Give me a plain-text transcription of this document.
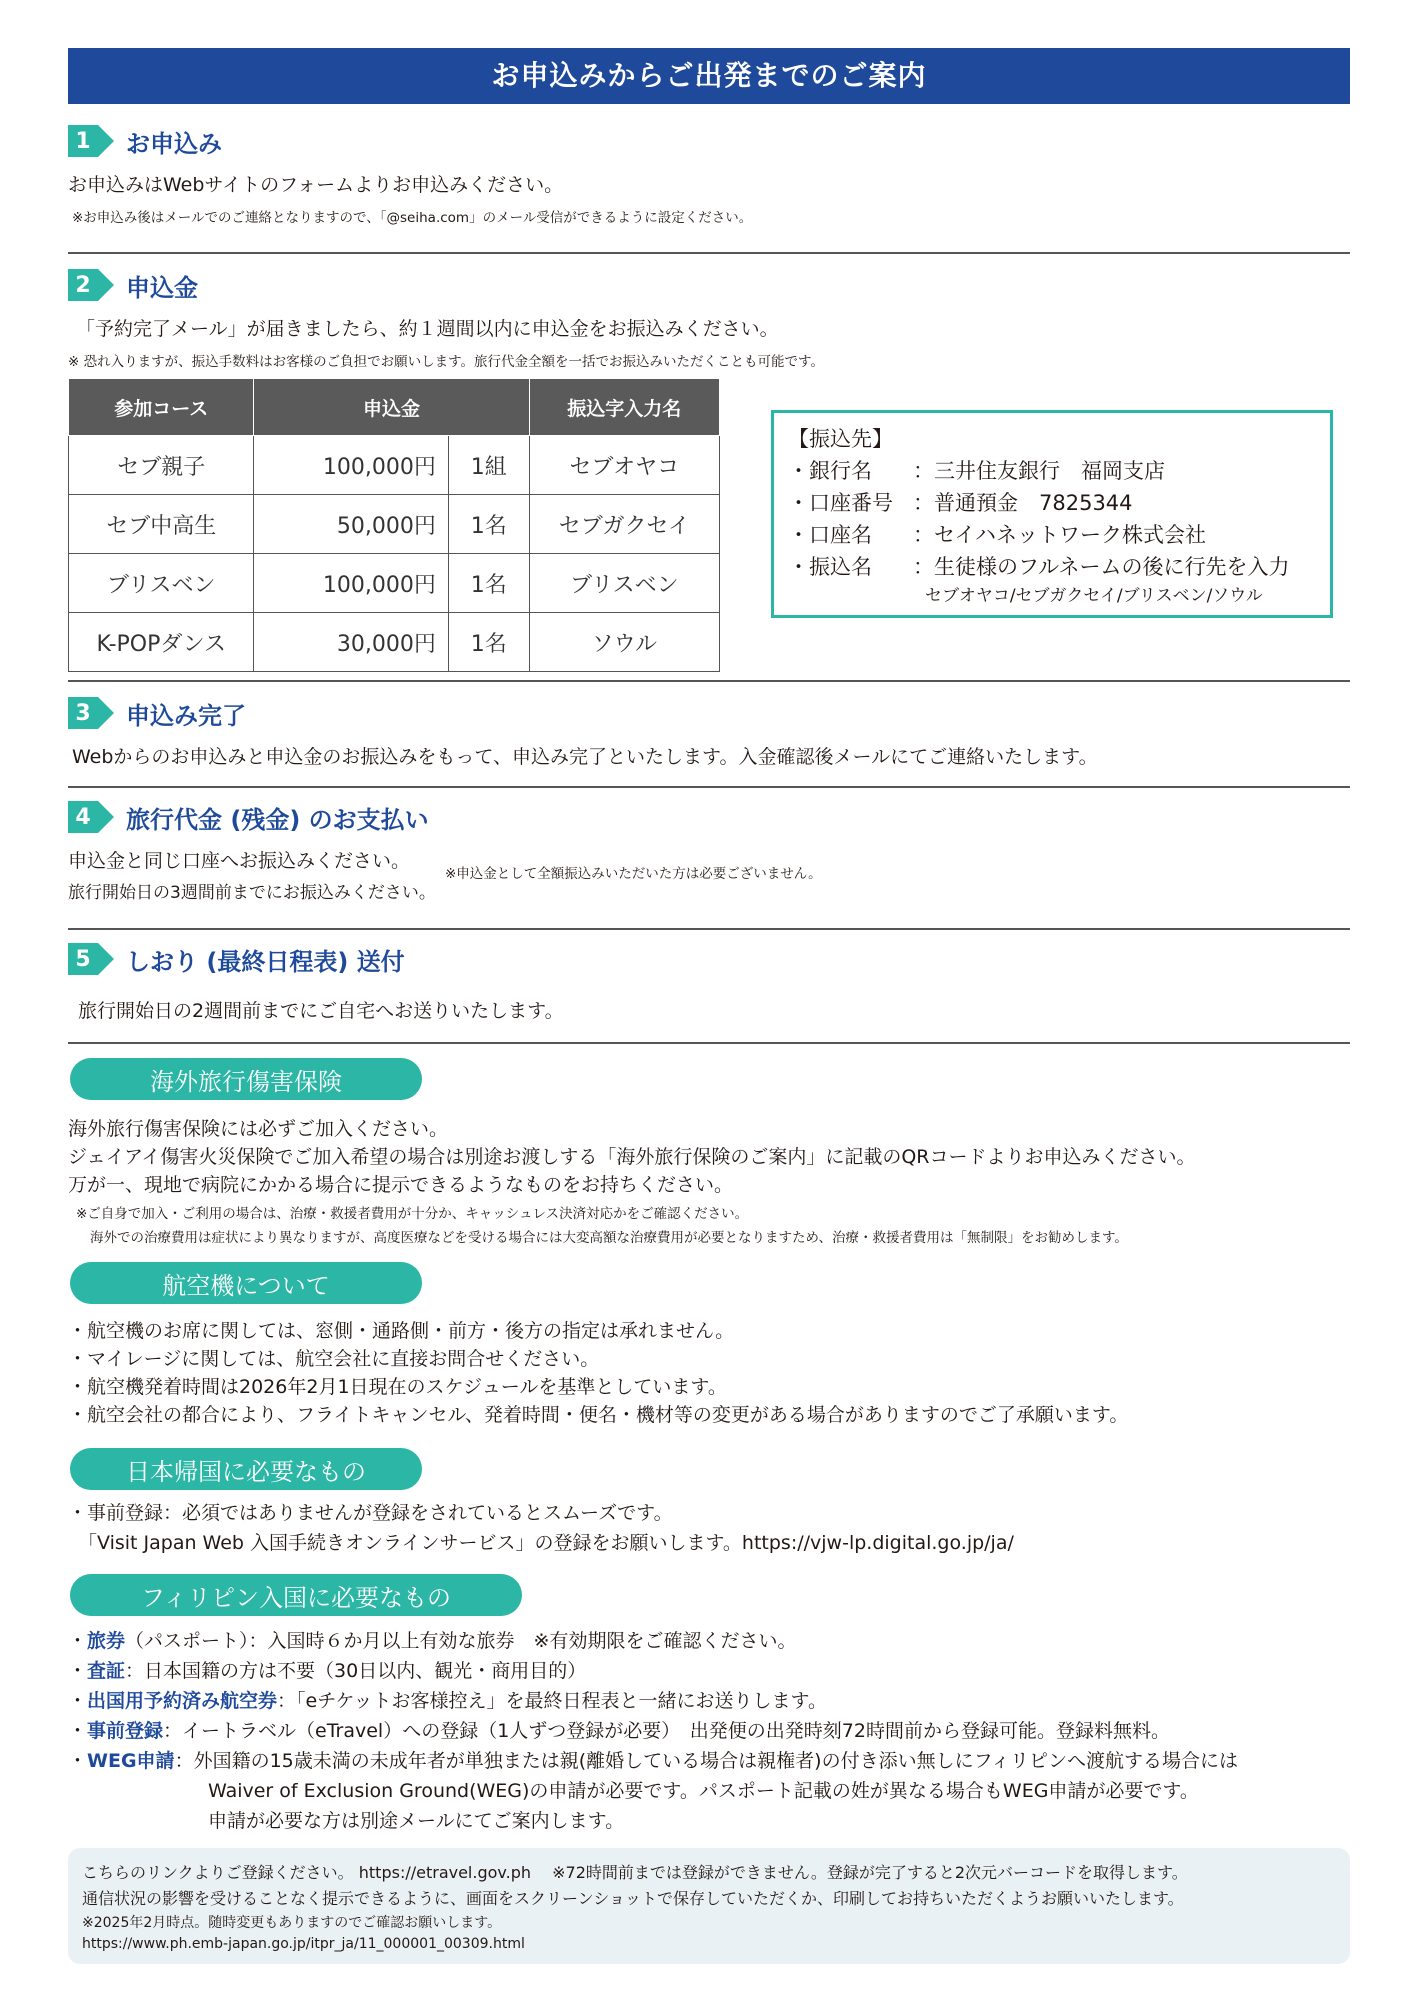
お申込みからご出発までのご案内
1	お申込み
お申込みはWebサイトのフォームよりお申込みください。
※お申込み後はメールでのご連絡となりますので、「@seiha.com」のメール受信ができるように設定ください。
2	申込金
「予約完了メール」が届きましたら、約１週間以内に申込金をお振込みください。
※ 恐れ入りますが、振込手数料はお客様のご負担でお願いします。旅行代金全額を一括でお振込みいただくことも可能です。
参加コース	申込金		振込字入力名
セブ親子	100,000円	1組	セブオヤコ
セブ中高生	50,000円	1名	セブガクセイ
ブリスベン	100,000円	1名	ブリスベン
K-POPダンス	30,000円	1名	ソウル
【振込先】
・銀行名	：三井住友銀行　福岡支店
・口座番号 ：普通預金　7825344
・口座名	：セイハネットワーク株式会社
・振込名	：生徒様のフルネームの後に行先を入力
セブオヤコ/セブガクセイ/ブリスベン/ソウル
3	申込み完了
Webからのお申込みと申込金のお振込みをもって、申込み完了といたします。入金確認後メールにてご連絡いたします。
4	旅行代金 (残金) のお支払い
申込金と同じ口座へお振込みください。
※申込金として全額振込みいただいた方は必要ございません。
旅行開始日の3週間前までにお振込みください。
5	しおり (最終日程表) 送付
旅行開始日の2週間前までにご自宅へお送りいたします。
海外旅行傷害保険
海外旅行傷害保険には必ずご加入ください。
ジェイアイ傷害火災保険でご加入希望の場合は別途お渡しする「海外旅行保険のご案内」に記載のQRコードよりお申込みください。
万が一、現地で病院にかかる場合に提示できるようなものをお持ちください。
※ご自身で加入・ご利用の場合は、治療・救援者費用が十分か、キャッシュレス決済対応かをご確認ください。
海外での治療費用は症状により異なりますが、高度医療などを受ける場合には大変高額な治療費用が必要となりますため、治療・救援者費用は「無制限」をお勧めします。
航空機について
・航空機のお席に関しては、窓側・通路側・前方・後方の指定は承れません。
・マイレージに関しては、航空会社に直接お問合せください。
・航空機発着時間は2026年2月1日現在のスケジュールを基準としています。
・航空会社の都合により、フライトキャンセル、発着時間・便名・機材等の変更がある場合がありますのでご了承願います。
日本帰国に必要なもの
・事前登録：必須ではありませんが登録をされているとスムーズです。
「Visit Japan Web 入国手続きオンラインサービス」の登録をお願いします。https://vjw-lp.digital.go.jp/ja/
フィリピン入国に必要なもの
・旅券（パスポート）：入国時６か月以上有効な旅券　※有効期限をご確認ください。
・査証：日本国籍の方は不要（30日以内、観光・商用目的）
・出国用予約済み航空券：「eチケットお客様控え」を最終日程表と一緒にお送りします。
・事前登録：イートラベル（eTravel）への登録（1人ずつ登録が必要）　出発便の出発時刻72時間前から登録可能。登録料無料。
・WEG申請：外国籍の15歳未満の未成年者が単独または親(離婚している場合は親権者)の付き添い無しにフィリピンへ渡航する場合には
Waiver of Exclusion Ground(WEG)の申請が必要です。パスポート記載の姓が異なる場合もWEG申請が必要です。
申請が必要な方は別途メールにてご案内します。
こちらのリンクよりご登録ください。 https://etravel.gov.ph　 ※72時間前までは登録ができません。登録が完了すると2次元バーコードを取得します。
通信状況の影響を受けることなく提示できるように、画面をスクリーンショットで保存していただくか、印刷してお持ちいただくようお願いいたします。
※2025年2月時点。随時変更もありますのでご確認お願いします。
https://www.ph.emb-japan.go.jp/itpr_ja/11_000001_00309.html
